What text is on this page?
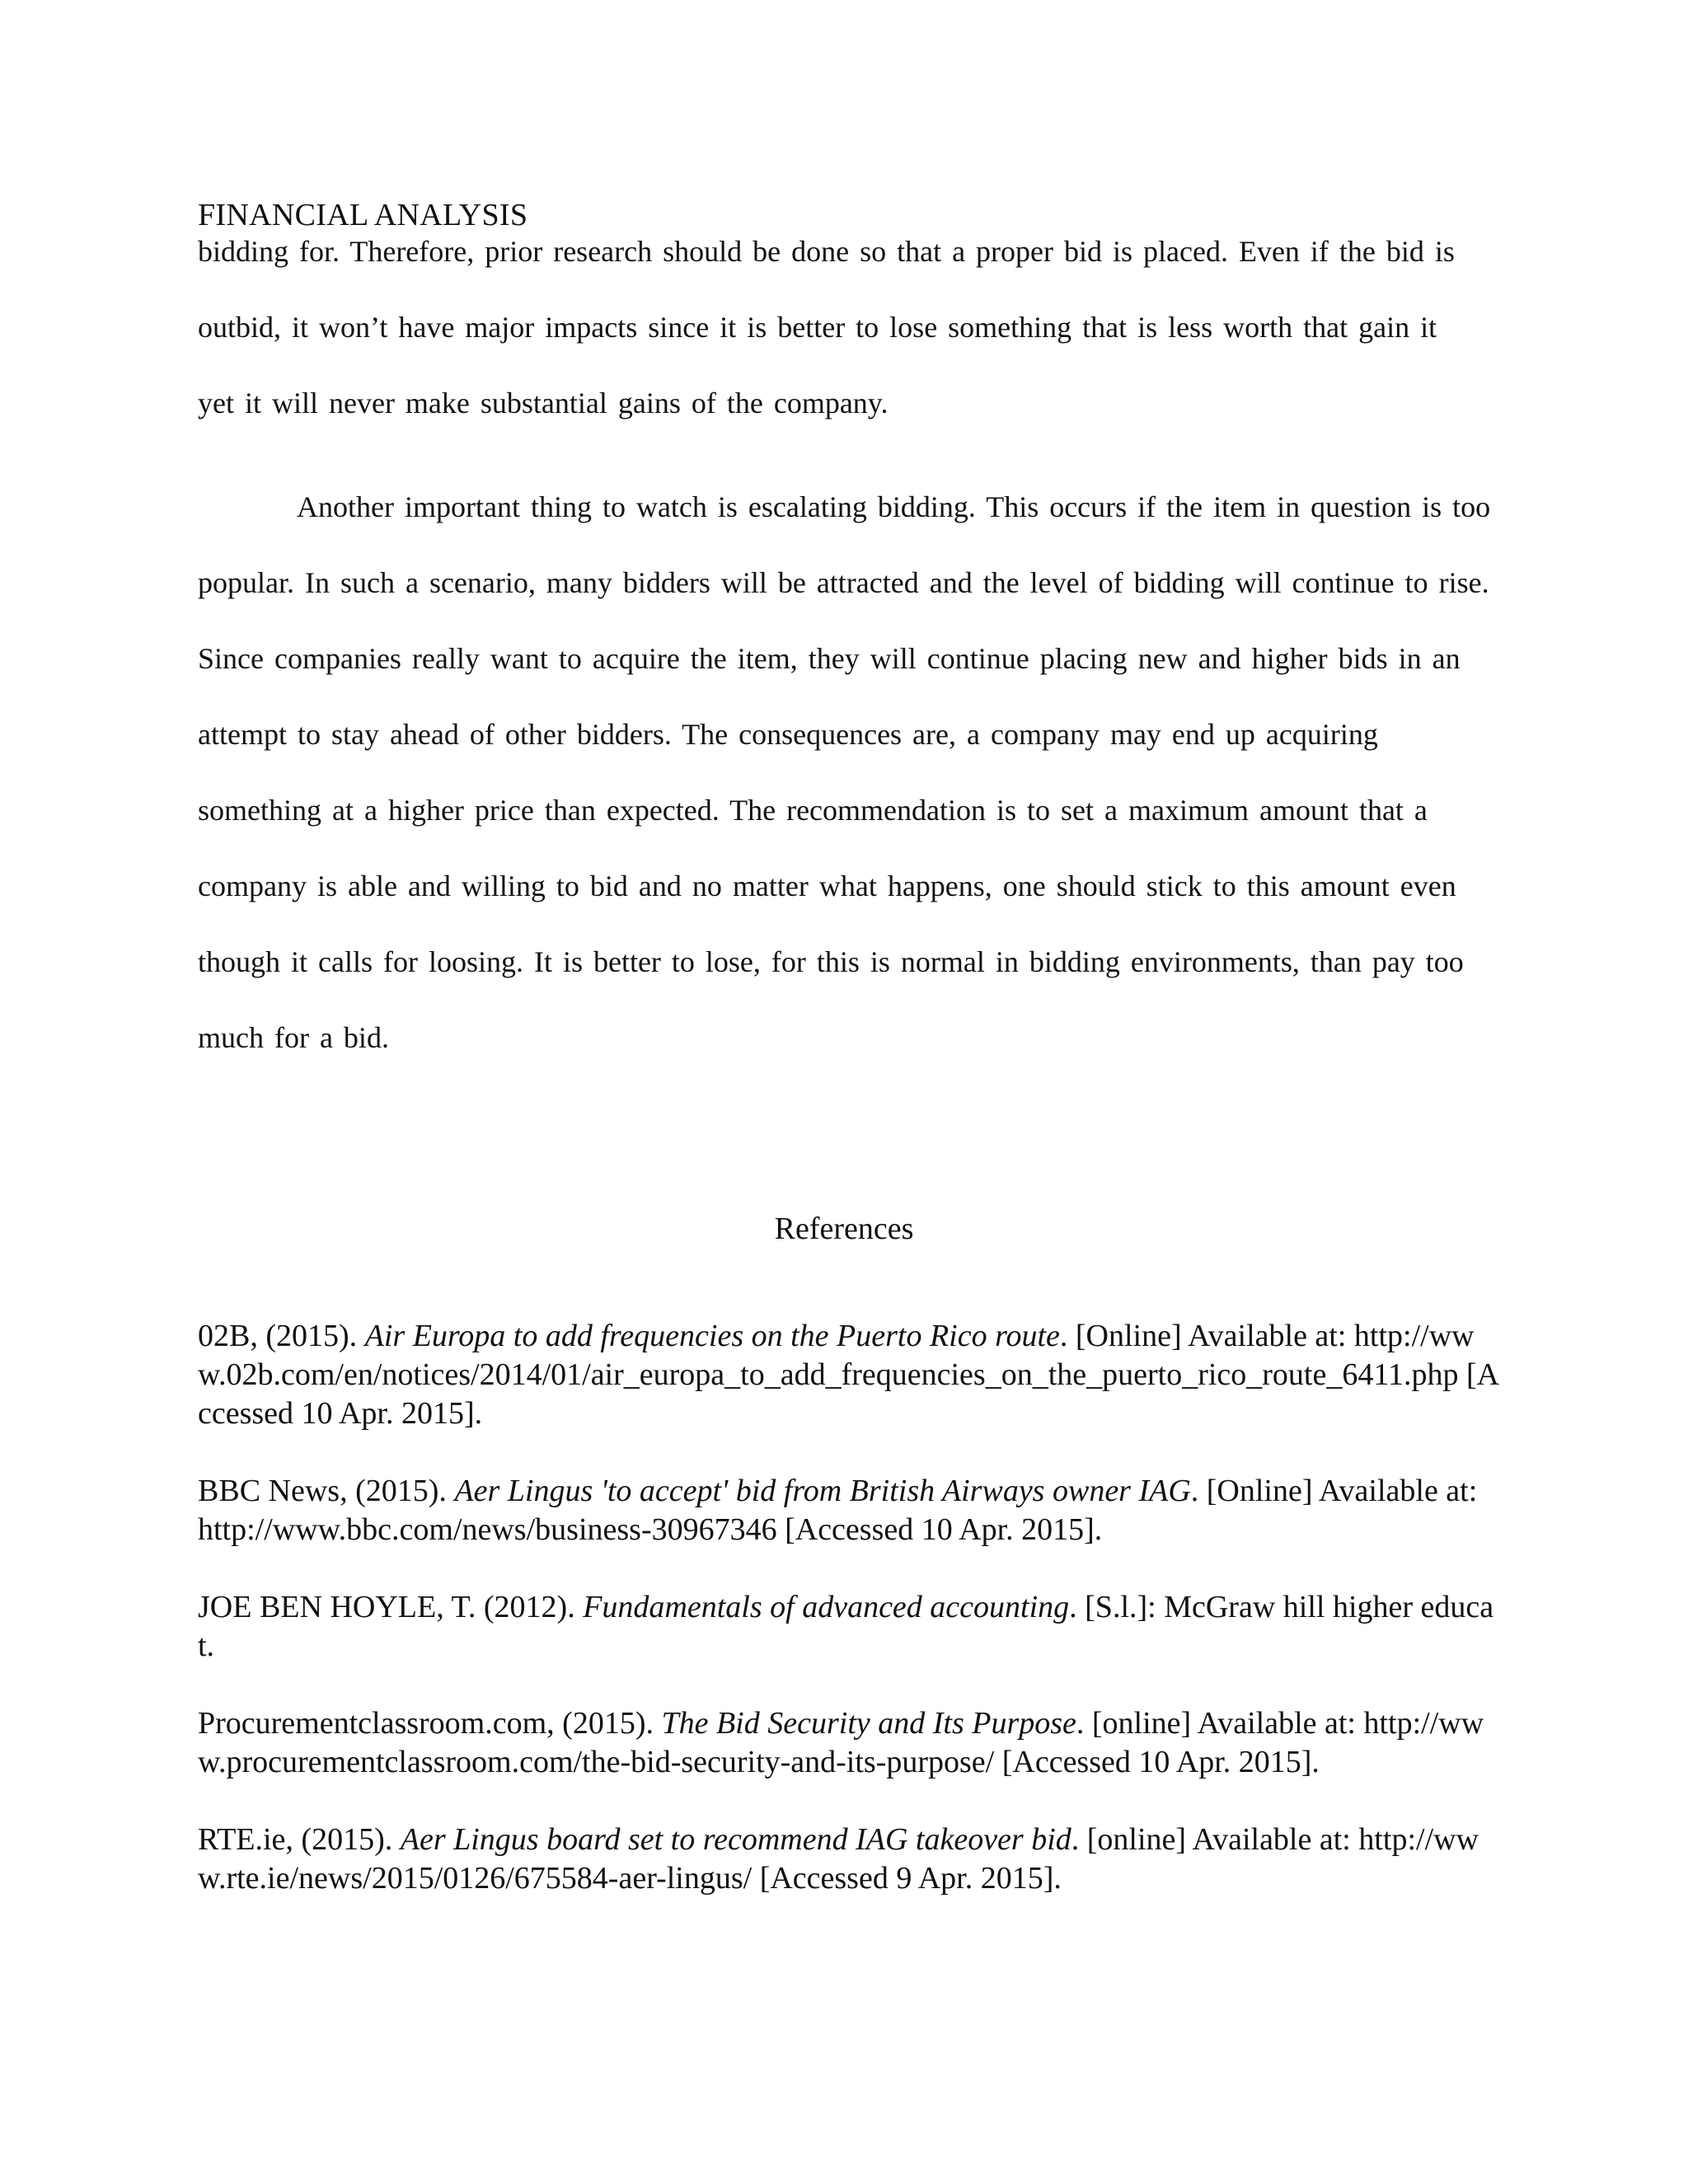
FINANCIAL ANALYSIS

bidding for. Therefore, prior research should be done so that a proper bid is placed. Even if the bid is outbid, it won’t have major impacts since it is better to lose something that is less worth that gain it yet it will never make substantial gains of the company.

Another important thing to watch is escalating bidding. This occurs if the item in question is too popular. In such a scenario, many bidders will be attracted and the level of bidding will continue to rise. Since companies really want to acquire the item, they will continue placing new and higher bids in an attempt to stay ahead of other bidders. The consequences are, a company may end up acquiring something at a higher price than expected. The recommendation is to set a maximum amount that a company is able and willing to bid and no matter what happens, one should stick to this amount even though it calls for loosing. It is better to lose, for this is normal in bidding environments, than pay too much for a bid.

References

02B, (2015). Air Europa to add frequencies on the Puerto Rico route. [Online] Available at: http://www.02b.com/en/notices/2014/01/air_europa_to_add_frequencies_on_the_puerto_rico_route_6411.php [Accessed 10 Apr. 2015].

BBC News, (2015). Aer Lingus 'to accept' bid from British Airways owner IAG. [Online] Available at: http://www.bbc.com/news/business-30967346 [Accessed 10 Apr. 2015].

JOE BEN HOYLE, T. (2012). Fundamentals of advanced accounting. [S.l.]: McGraw hill higher educat.

Procurementclassroom.com, (2015). The Bid Security and Its Purpose. [online] Available at: http://www.procurementclassroom.com/the-bid-security-and-its-purpose/ [Accessed 10 Apr. 2015].

RTE.ie, (2015). Aer Lingus board set to recommend IAG takeover bid. [online] Available at: http://www.rte.ie/news/2015/0126/675584-aer-lingus/ [Accessed 9 Apr. 2015].
